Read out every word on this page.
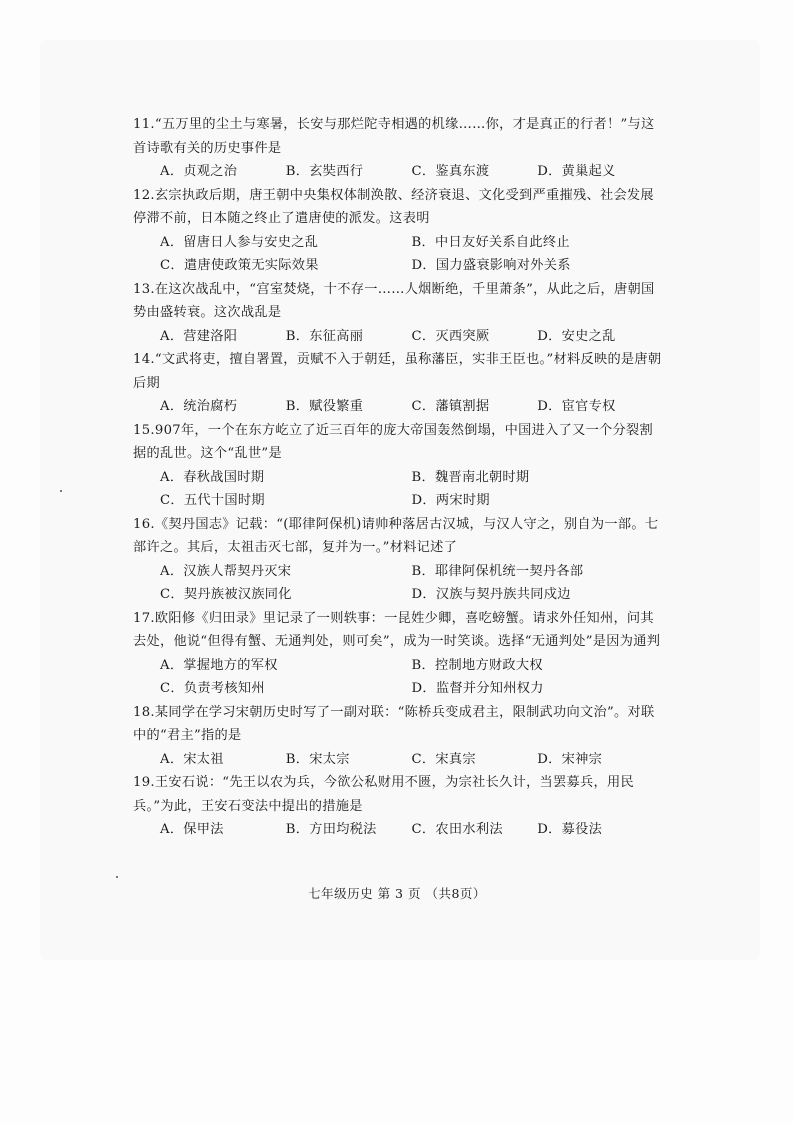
11.“五万里的尘土与寒暑，长安与那烂陀寺相遇的机缘……你，才是真正的行者！”与这首诗歌有关的历史事件是

A．贞观之治	B．玄奘西行	C．鉴真东渡	D．黄巢起义

12.玄宗执政后期，唐王朝中央集权体制涣散、经济衰退、文化受到严重摧残、社会发展停滞不前，日本随之终止了遣唐使的派发。这表明

A．留唐日人参与安史之乱	B．中日友好关系自此终止
C．遣唐使政策无实际效果	D．国力盛衰影响对外关系

13.在这次战乱中，“宫室焚烧，十不存一……人烟断绝，千里萧条”，从此之后，唐朝国势由盛转衰。这次战乱是

A．营建洛阳	B．东征高丽	C．灭西突厥	D．安史之乱

14.“文武将吏，擅自署置，贡赋不入于朝廷，虽称藩臣，实非王臣也。”材料反映的是唐朝后期

A．统治腐朽	B．赋役繁重	C．藩镇割据	D．宦官专权

15.907年，一个在东方屹立了近三百年的庞大帝国轰然倒塌，中国进入了又一个分裂割据的乱世。这个“乱世”是

A．春秋战国时期	B．魏晋南北朝时期
C．五代十国时期	D．两宋时期

16.《契丹国志》记载：“(耶律阿保机)请帅种落居古汉城，与汉人守之，别自为一部。七部许之。其后，太祖击灭七部，复并为一。”材料记述了

A．汉族人帮契丹灭宋	B．耶律阿保机统一契丹各部
C．契丹族被汉族同化	D．汉族与契丹族共同戍边

17.欧阳修《归田录》里记录了一则轶事：一昆姓少卿，喜吃螃蟹。请求外任知州，问其去处，他说“但得有蟹、无通判处，则可矣”，成为一时笑谈。选择“无通判处”是因为通判

A．掌握地方的军权	B．控制地方财政大权
C．负责考核知州	D．监督并分知州权力

18.某同学在学习宋朝历史时写了一副对联：“陈桥兵变成君主，限制武功向文治”。对联中的“君主”指的是

A．宋太祖	B．宋太宗	C．宋真宗	D．宋神宗

19.王安石说：“先王以农为兵，今欲公私财用不匮，为宗社长久计，当罢募兵，用民兵。”为此，王安石变法中提出的措施是

A．保甲法	B．方田均税法	C．农田水利法	D．募役法
七年级历史 第 3 页 （共8页）
